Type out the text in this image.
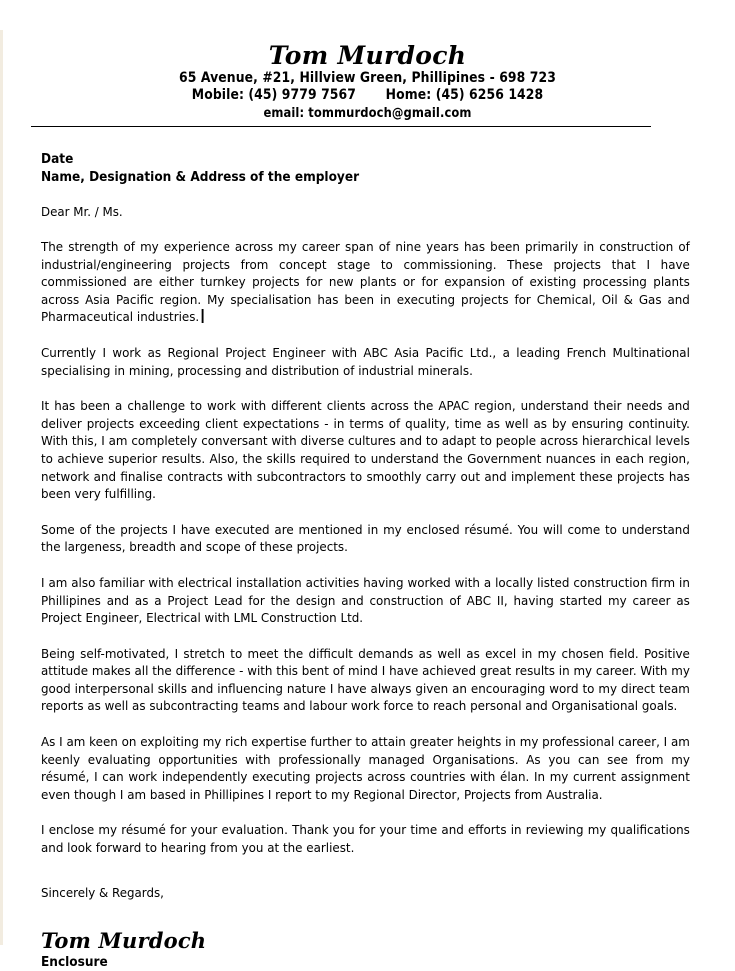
Tom Murdoch
65 Avenue, #21, Hillview Green, Phillipines - 698 723
Mobile: (45) 9779 7567 Home: (45) 6256 1428
email: tommurdoch@gmail.com
Date
Name, Designation & Address of the employer
Dear Mr. / Ms.
The strength of my experience across my career span of nine years has been primarily in construction of industrial/engineering projects from concept stage to commissioning. These projects that I have commissioned are either turnkey projects for new plants or for expansion of existing processing plants across Asia Pacific region. My specialisation has been in executing projects for Chemical, Oil & Gas and Pharmaceutical industries.
Currently I work as Regional Project Engineer with ABC Asia Pacific Ltd., a leading French Multinational specialising in mining, processing and distribution of industrial minerals.
It has been a challenge to work with different clients across the APAC region, understand their needs and deliver projects exceeding client expectations - in terms of quality, time as well as by ensuring continuity. With this, I am completely conversant with diverse cultures and to adapt to people across hierarchical levels to achieve superior results. Also, the skills required to understand the Government nuances in each region, network and finalise contracts with subcontractors to smoothly carry out and implement these projects has been very fulfilling.
Some of the projects I have executed are mentioned in my enclosed résumé. You will come to understand the largeness, breadth and scope of these projects.
I am also familiar with electrical installation activities having worked with a locally listed construction firm in Phillipines and as a Project Lead for the design and construction of ABC II, having started my career as Project Engineer, Electrical with LML Construction Ltd.
Being self-motivated, I stretch to meet the difficult demands as well as excel in my chosen field. Positive attitude makes all the difference - with this bent of mind I have achieved great results in my career. With my good interpersonal skills and influencing nature I have always given an encouraging word to my direct team reports as well as subcontracting teams and labour work force to reach personal and Organisational goals.
As I am keen on exploiting my rich expertise further to attain greater heights in my professional career, I am keenly evaluating opportunities with professionally managed Organisations. As you can see from my résumé, I can work independently executing projects across countries with élan. In my current assignment even though I am based in Phillipines I report to my Regional Director, Projects from Australia.
I enclose my résumé for your evaluation. Thank you for your time and efforts in reviewing my qualifications and look forward to hearing from you at the earliest.
Sincerely & Regards,
Tom Murdoch
Enclosure
